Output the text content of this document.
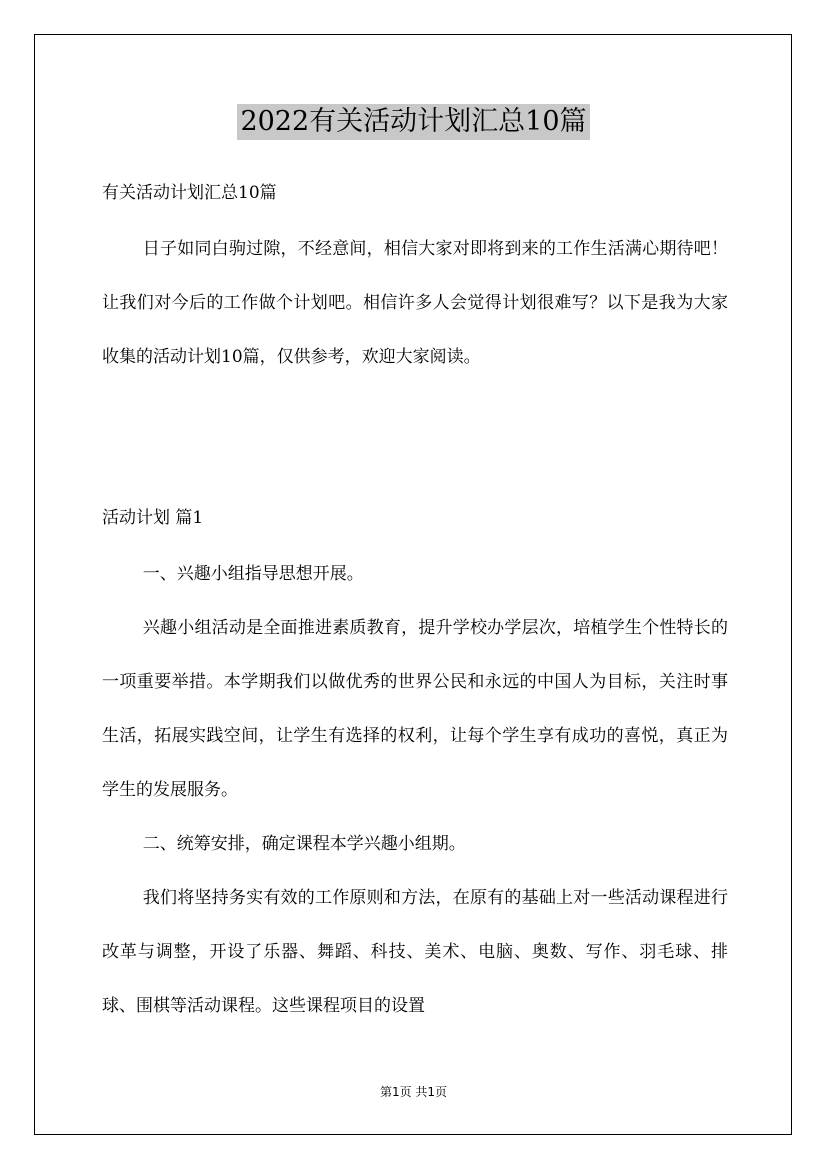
2022有关活动计划汇总10篇
有关活动计划汇总10篇

日子如同白驹过隙，不经意间，相信大家对即将到来的工作生活满心期待吧！让我们对今后的工作做个计划吧。相信许多人会觉得计划很难写？以下是我为大家收集的活动计划10篇，仅供参考，欢迎大家阅读。

活动计划 篇1

一、兴趣小组指导思想开展。

兴趣小组活动是全面推进素质教育，提升学校办学层次，培植学生个性特长的一项重要举措。本学期我们以做优秀的世界公民和永远的中国人为目标，关注时事生活，拓展实践空间，让学生有选择的权利，让每个学生享有成功的喜悦，真正为学生的发展服务。

二、统筹安排，确定课程本学兴趣小组期。

我们将坚持务实有效的工作原则和方法，在原有的基础上对一些活动课程进行改革与调整，开设了乐器、舞蹈、科技、美术、电脑、奥数、写作、羽毛球、排球、围棋等活动课程。这些课程项目的设置

第1页 共1页
